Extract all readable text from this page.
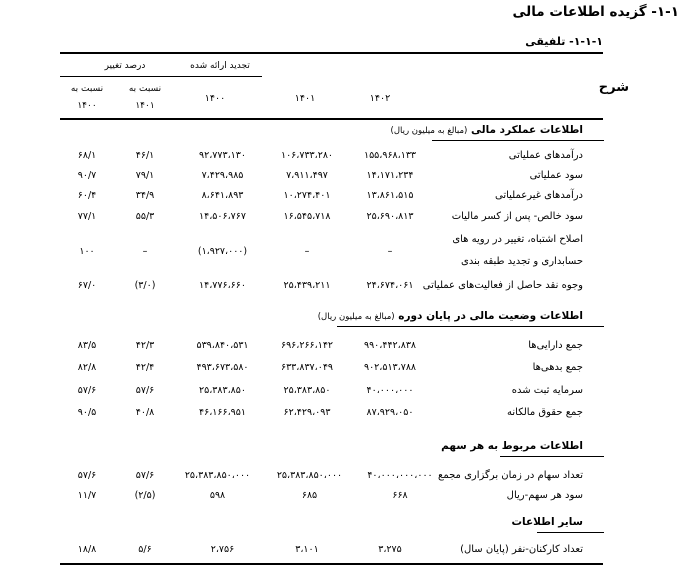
۱-۱- گزیده اطلاعات مالی
۱-۱-۱- تلفیقی
شرح
تجدید ارائه شده
درصد تغییر
۱۴۰۲
۱۴۰۱
۱۴۰۰
نسبت به
۱۴۰۱
نسبت به
۱۴۰۰
اطلاعات عملکرد مالی (مبالغ به میلیون ریال)
درآمدهای عملیاتی
۱۵۵،۹۶۸،۱۳۳
۱۰۶،۷۳۳،۲۸۰
۹۲،۷۷۳،۱۳۰
۴۶/۱
۶۸/۱
سود عملیاتی
۱۴،۱۷۱،۲۳۴
۷،۹۱۱،۴۹۷
۷،۴۲۹،۹۸۵
۷۹/۱
۹۰/۷
درآمدهای غیرعملیاتی
۱۳،۸۶۱،۵۱۵
۱۰،۲۷۴،۴۰۱
۸،۶۴۱،۸۹۳
۳۴/۹
۶۰/۴
سود خالص- پس از کسر مالیات
۲۵،۶۹۰،۸۱۳
۱۶،۵۴۵،۷۱۸
۱۴،۵۰۶،۷۶۷
۵۵/۳
۷۷/۱
اصلاح اشتباه، تغییر در رویه های
حسابداری و تجدید طبقه بندی
–
–
(۱،۹۲۷،۰۰۰)
–
۱۰۰
وجوه نقد حاصل از فعالیت‌های عملیاتی
۲۴،۶۷۴،۰۶۱
۲۵،۴۳۹،۲۱۱
۱۴،۷۷۶،۶۶۰
(۳/۰)
۶۷/۰
اطلاعات وضعیت مالی در پایان دوره (مبالغ به میلیون ریال)
جمع دارایی‌ها
۹۹۰،۴۴۲،۸۳۸
۶۹۶،۲۶۶،۱۴۲
۵۳۹،۸۴۰،۵۳۱
۴۲/۳
۸۳/۵
جمع بدهی‌ها
۹۰۲،۵۱۳،۷۸۸
۶۳۳،۸۳۷،۰۴۹
۴۹۳،۶۷۳،۵۸۰
۴۲/۴
۸۲/۸
سرمایه ثبت شده
۴۰،۰۰۰،۰۰۰
۲۵،۳۸۳،۸۵۰
۲۵،۳۸۳،۸۵۰
۵۷/۶
۵۷/۶
جمع حقوق مالکانه
۸۷،۹۲۹،۰۵۰
۶۲،۴۲۹،۰۹۳
۴۶،۱۶۶،۹۵۱
۴۰/۸
۹۰/۵
اطلاعات مربوط به هر سهم
تعداد سهام در زمان برگزاری مجمع
۴۰،۰۰۰،۰۰۰،۰۰۰
۲۵،۳۸۳،۸۵۰،۰۰۰
۲۵،۳۸۳،۸۵۰،۰۰۰
۵۷/۶
۵۷/۶
سود هر سهم-ریال
۶۶۸
۶۸۵
۵۹۸
(۲/۵)
۱۱/۷
سایر اطلاعات
تعداد کارکنان-نفر (پایان سال)
۳،۲۷۵
۳،۱۰۱
۲،۷۵۶
۵/۶
۱۸/۸
